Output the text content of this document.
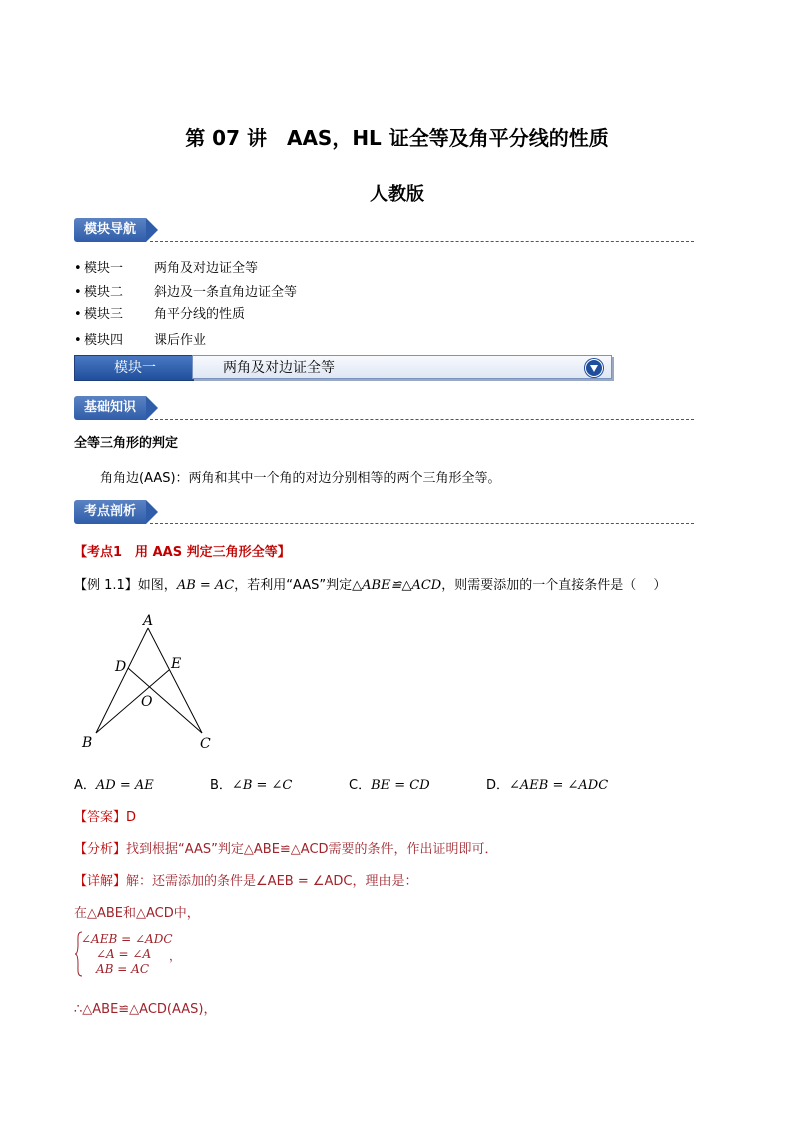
第 07 讲　AAS，HL 证全等及角平分线的性质
人教版
模块导航
• 模块一 两角及对边证全等
• 模块二 斜边及一条直角边证全等
• 模块三 角平分线的性质
• 模块四 课后作业
模块一	两角及对边证全等
基础知识
全等三角形的判定
角角边(AAS)：两角和其中一个角的对边分别相等的两个三角形全等。
考点剖析
【考点1　用 AAS 判定三角形全等】
【例 1.1】如图，AB = AC，若利用“AAS”判定△ABE≌△ACD，则需要添加的一个直接条件是（　 ）
A
B	C
D	E
O
A．AD = AE	B．∠B = ∠C	C．BE = CD	D．∠AEB = ∠ADC
【答案】D
【分析】找到根据“AAS”判定△ABE≌△ACD需要的条件，作出证明即可．
【详解】解：还需添加的条件是∠AEB = ∠ADC，理由是：
在△ABE和△ACD中，
∠AEB = ∠ADC
∠A = ∠A
AB = AC
，
∴△ABE≌△ACD(AAS)，
